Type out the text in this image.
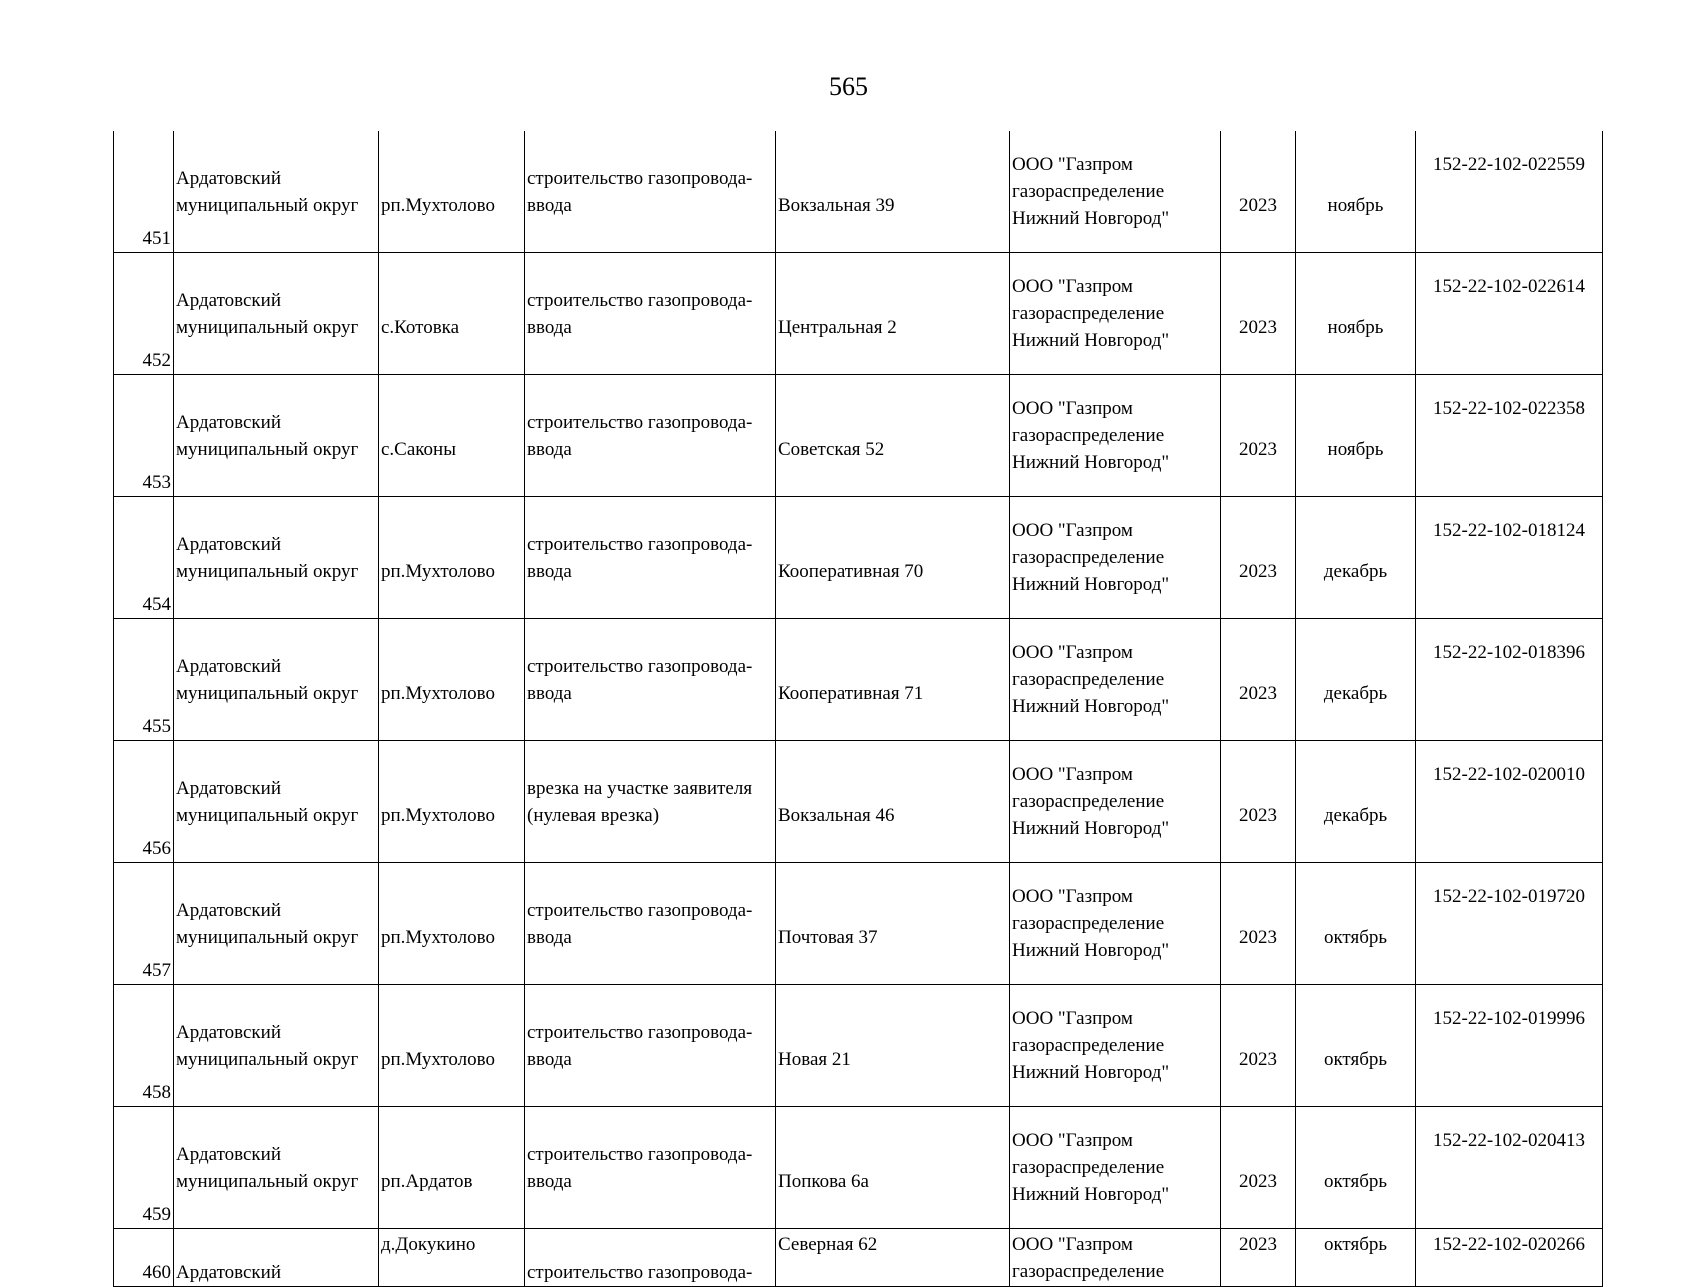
565
451	Ардатовский
муниципальный округ	рп.Мухтолово	строительство газопровода-
ввода	Вокзальная 39	ООО "Газпром
газораспределение
Нижний Новгород"	2023	ноябрь	152-22-102-022559
452	Ардатовский
муниципальный округ	с.Котовка	строительство газопровода-
ввода	Центральная 2	ООО "Газпром
газораспределение
Нижний Новгород"	2023	ноябрь	152-22-102-022614
453	Ардатовский
муниципальный округ	с.Саконы	строительство газопровода-
ввода	Советская 52	ООО "Газпром
газораспределение
Нижний Новгород"	2023	ноябрь	152-22-102-022358
454	Ардатовский
муниципальный округ	рп.Мухтолово	строительство газопровода-
ввода	Кооперативная 70	ООО "Газпром
газораспределение
Нижний Новгород"	2023	декабрь	152-22-102-018124
455	Ардатовский
муниципальный округ	рп.Мухтолово	строительство газопровода-
ввода	Кооперативная 71	ООО "Газпром
газораспределение
Нижний Новгород"	2023	декабрь	152-22-102-018396
456	Ардатовский
муниципальный округ	рп.Мухтолово	врезка на участке заявителя
(нулевая врезка)	Вокзальная 46	ООО "Газпром
газораспределение
Нижний Новгород"	2023	декабрь	152-22-102-020010
457	Ардатовский
муниципальный округ	рп.Мухтолово	строительство газопровода-
ввода	Почтовая 37	ООО "Газпром
газораспределение
Нижний Новгород"	2023	октябрь	152-22-102-019720
458	Ардатовский
муниципальный округ	рп.Мухтолово	строительство газопровода-
ввода	Новая 21	ООО "Газпром
газораспределение
Нижний Новгород"	2023	октябрь	152-22-102-019996
459	Ардатовский
муниципальный округ	рп.Ардатов	строительство газопровода-
ввода	Попкова 6а	ООО "Газпром
газораспределение
Нижний Новгород"	2023	октябрь	152-22-102-020413
460	Ардатовский	д.Докукино	строительство газопровода-	Северная 62	ООО "Газпром
газораспределение	2023	октябрь	152-22-102-020266
